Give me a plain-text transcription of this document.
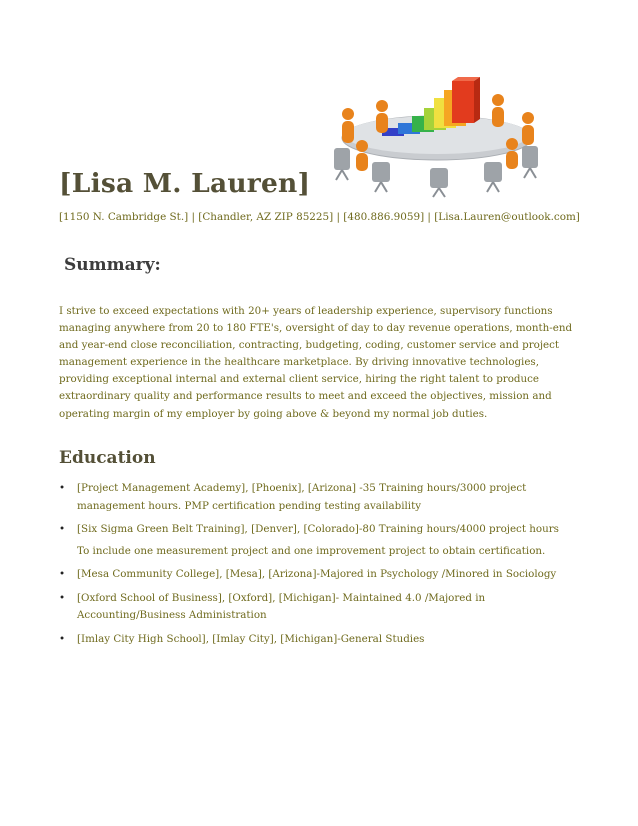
[Lisa M. Lauren]
[1150 N. Cambridge St.] | [Chandler, AZ ZIP 85225] | [480.886.9059] | [Lisa.Lauren@outlook.com]
Summary:

I strive to exceed expectations with 20+ years of leadership experience, supervisory functions managing anywhere from 20 to 180 FTE's, oversight of day to day revenue operations, month-end and year-end close reconciliation, contracting, budgeting, coding, customer service and project management experience in the healthcare marketplace. By driving innovative technologies, providing exceptional internal and external client service, hiring the right talent to produce extraordinary quality and performance results to meet and exceed the objectives, mission and operating margin of my employer by going above & beyond my normal job duties.

Education
• [Project Management Academy], [Phoenix], [Arizona] -35 Training hours/3000 project management hours. PMP certification pending testing availability
• [Six Sigma Green Belt Training], [Denver], [Colorado]-80 Training hours/4000 project hours
To include one measurement project and one improvement project to obtain certification.
• [Mesa Community College], [Mesa], [Arizona]-Majored in Psychology /Minored in Sociology
• [Oxford School of Business], [Oxford], [Michigan]- Maintained 4.0 /Majored in Accounting/Business Administration
• [Imlay City High School], [Imlay City], [Michigan]-General Studies
